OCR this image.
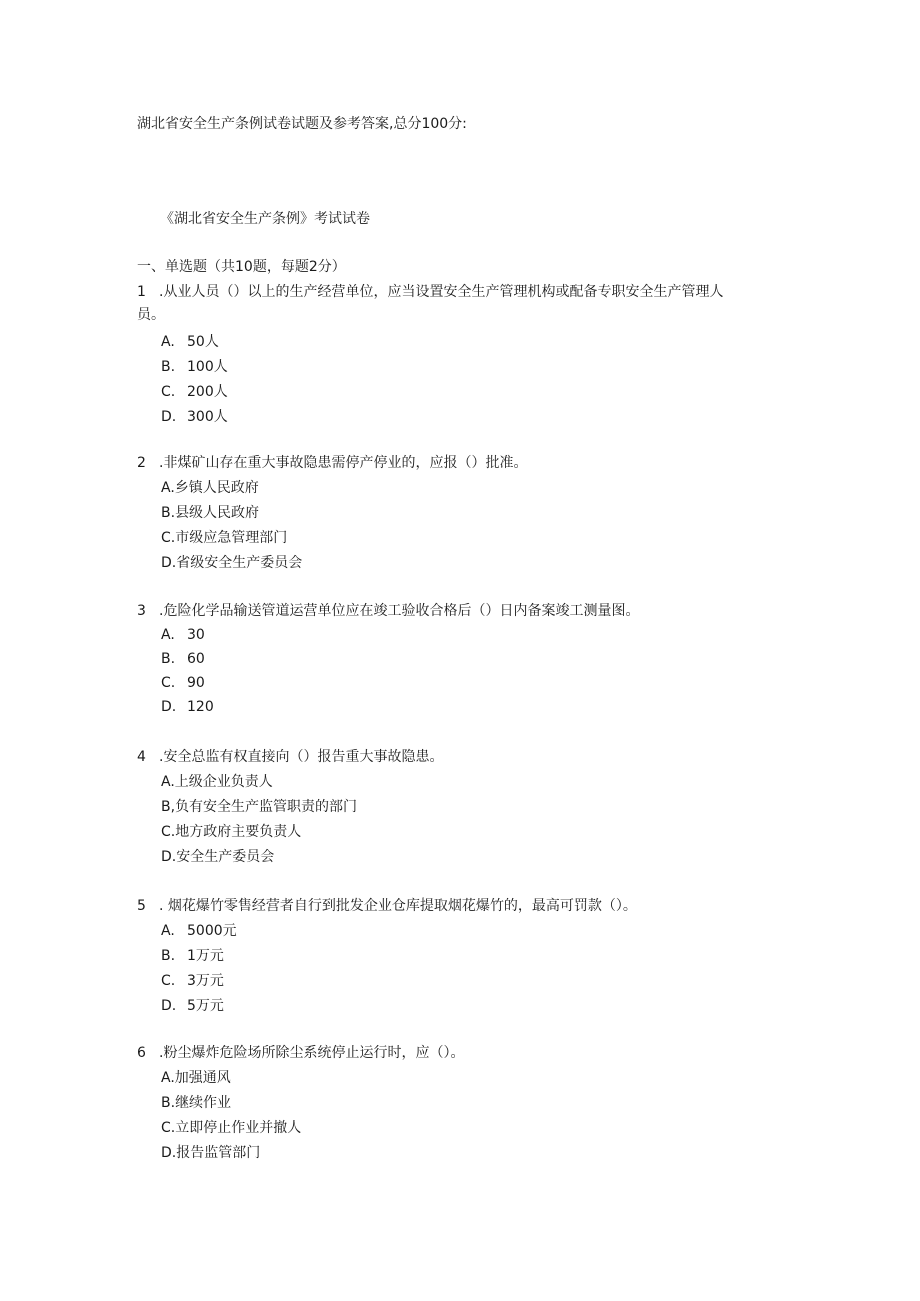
湖北省安全生产条例试卷试题及参考答案,总分100分:
《湖北省安全生产条例》考试试卷
一、单选题（共10题，每题2分）

1 .从业人员（）以上的生产经营单位，应当设置安全生产管理机构或配备专职安全生产管理人
员。

A. 50人
B. 100人
C. 200人
D. 300人

2 .非煤矿山存在重大事故隐患需停产停业的，应报（）批准。

A.乡镇人民政府
B.县级人民政府
C.市级应急管理部门
D.省级安全生产委员会

3 .危险化学品输送管道运营单位应在竣工验收合格后（）日内备案竣工测量图。

A. 30
B. 60
C. 90
D. 120

4 .安全总监有权直接向（）报告重大事故隐患。

A.上级企业负责人
B,负有安全生产监管职责的部门
C.地方政府主要负责人
D.安全生产委员会

5 . 烟花爆竹零售经营者自行到批发企业仓库提取烟花爆竹的，最高可罚款（）。

A. 5000元
B. 1万元
C. 3万元
D. 5万元

6 .粉尘爆炸危险场所除尘系统停止运行时，应（）。

A.加强通风
B.继续作业
C.立即停止作业并撤人
D.报告监管部门
